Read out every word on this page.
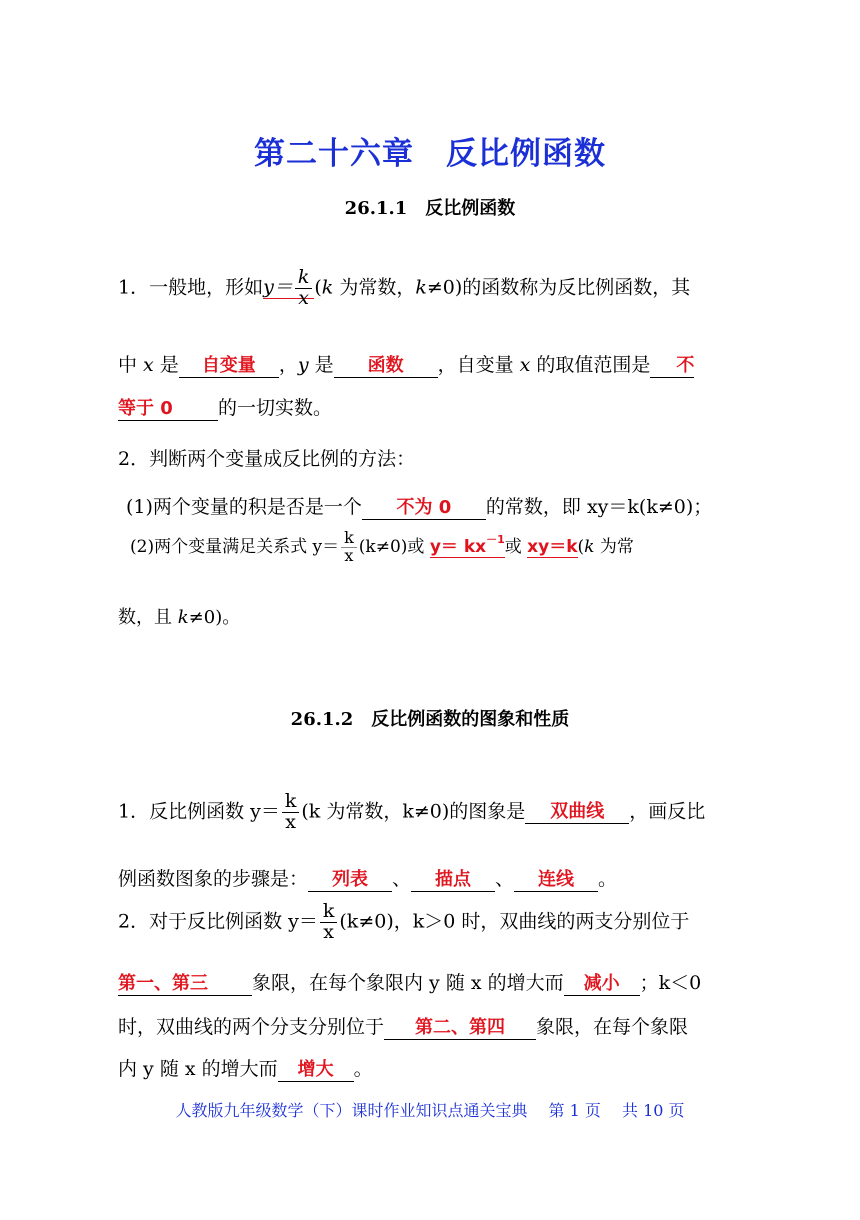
第二十六章　反比例函数
26.1.1　反比例函数
1．一般地，形如$y= \frac{k}{x} (k$ 为常数，k≠0)的函数称为反比例函数，其
中 x 是 自变量 ，y 是 函数 ，自变量 x 的取值范围是 不
等于 0 的一切实数。
2．判断两个变量成反比例的方法：
(1)两个变量的积是否是一个 不为 0 的常数，即 xy＝k(k≠0)；
(2)两个变量满足关系式 $y= \frac{k}{x} (k\ne 0)$或 $y= kx^{-1}$或 xy＝k(k 为常
数，且 k≠0)。
26.1.2　反比例函数的图象和性质
1．反比例函数 $y= \frac{k}{x} (k$ 为常数，k≠0)的图象是 双曲线 ，画反比
例函数图象的步骤是： 列表 、 描点 、 连线 。
2．对于反比例函数 $y= \frac{k}{x} (k\ne 0)$，k＞0 时，双曲线的两支分别位于
第一、第三 象限，在每个象限内 y 随 x 的增大而 减小 ；k＜0
时，双曲线的两个分支分别位于 第二、第四 象限，在每个象限
内 y 随 x 的增大而 增大 。
人教版九年级数学（下）课时作业知识点通关宝典　 第 1 页　 共 10 页
